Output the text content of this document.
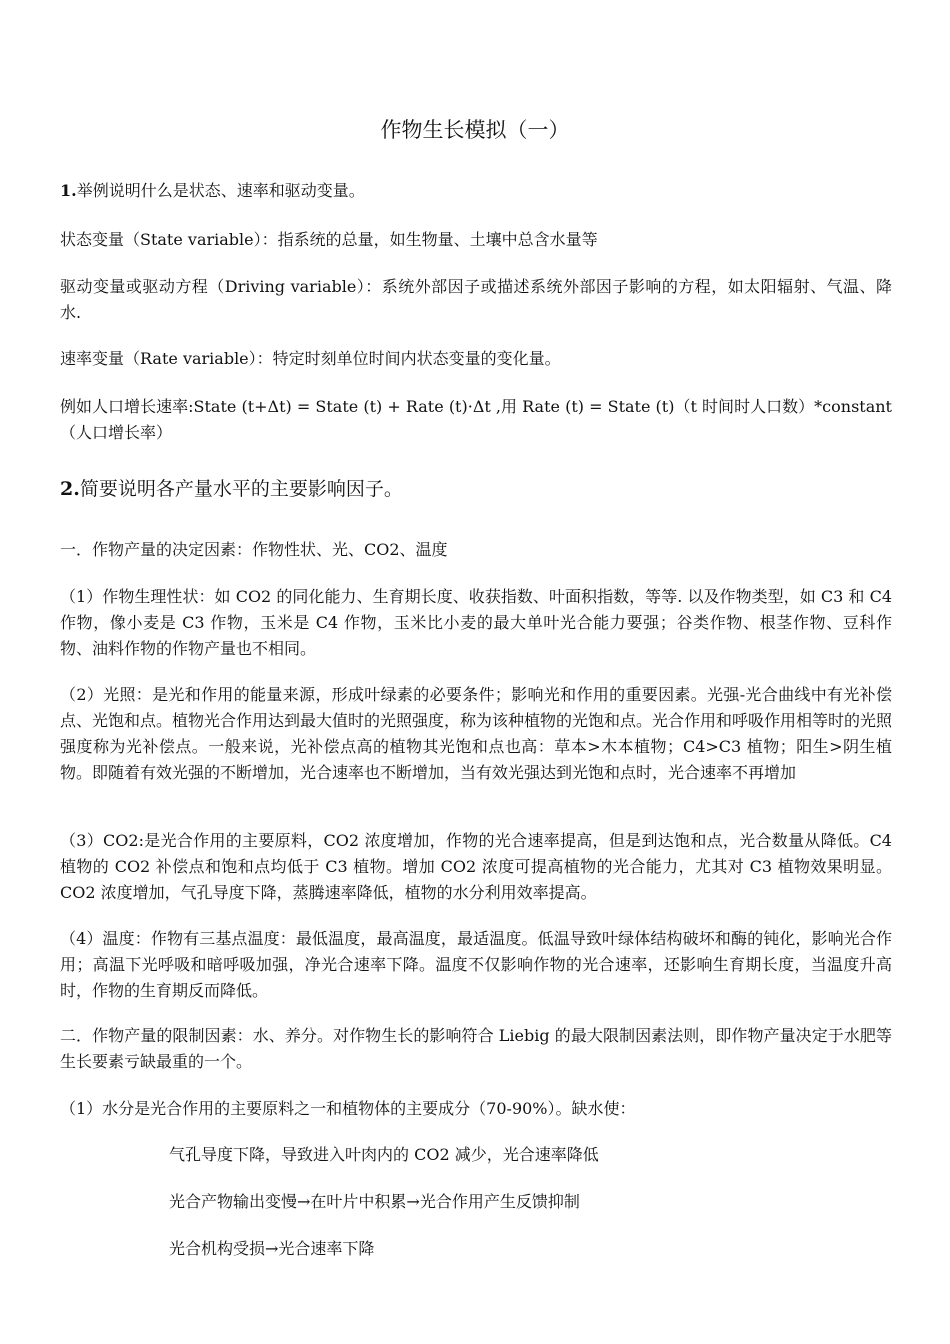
作物生长模拟（一）

1.举例说明什么是状态、速率和驱动变量。

状态变量（State variable）：指系统的总量，如生物量、土壤中总含水量等

驱动变量或驱动方程（Driving variable）：系统外部因子或描述系统外部因子影响的方程，如太阳辐射、气温、降水.

速率变量（Rate variable）：特定时刻单位时间内状态变量的变化量。

例如人口增长速率:State (t+Δt) = State (t) + Rate (t)·Δt ,用 Rate (t) = State (t)（t 时间时人口数）*constant（人口增长率）

2.简要说明各产量水平的主要影响因子。

一．作物产量的决定因素：作物性状、光、CO2、温度

（1）作物生理性状：如 CO2 的同化能力、生育期长度、收获指数、叶面积指数，等等. 以及作物类型，如 C3 和 C4 作物，像小麦是 C3 作物，玉米是 C4 作物，玉米比小麦的最大单叶光合能力要强；谷类作物、根茎作物、豆科作物、油料作物的作物产量也不相同。

（2）光照：是光和作用的能量来源，形成叶绿素的必要条件；影响光和作用的重要因素。光强-光合曲线中有光补偿点、光饱和点。植物光合作用达到最大值时的光照强度，称为该种植物的光饱和点。光合作用和呼吸作用相等时的光照强度称为光补偿点。一般来说，光补偿点高的植物其光饱和点也高：草本>木本植物；C4>C3 植物；阳生>阴生植物。即随着有效光强的不断增加，光合速率也不断增加，当有效光强达到光饱和点时，光合速率不再增加

（3）CO2:是光合作用的主要原料，CO2 浓度增加，作物的光合速率提高，但是到达饱和点，光合数量从降低。C4 植物的 CO2 补偿点和饱和点均低于 C3 植物。增加 CO2 浓度可提高植物的光合能力，尤其对 C3 植物效果明显。CO2 浓度增加，气孔导度下降，蒸腾速率降低，植物的水分利用效率提高。

（4）温度：作物有三基点温度：最低温度，最高温度，最适温度。低温导致叶绿体结构破坏和酶的钝化，影响光合作用；高温下光呼吸和暗呼吸加强，净光合速率下降。温度不仅影响作物的光合速率，还影响生育期长度，当温度升高时，作物的生育期反而降低。

二．作物产量的限制因素：水、养分。对作物生长的影响符合 Liebig 的最大限制因素法则，即作物产量决定于水肥等生长要素亏缺最重的一个。

（1）水分是光合作用的主要原料之一和植物体的主要成分（70-90%）。缺水使：

气孔导度下降，导致进入叶肉内的 CO2 减少，光合速率降低

光合产物输出变慢→在叶片中积累→光合作用产生反馈抑制

光合机构受损→光合速率下降
